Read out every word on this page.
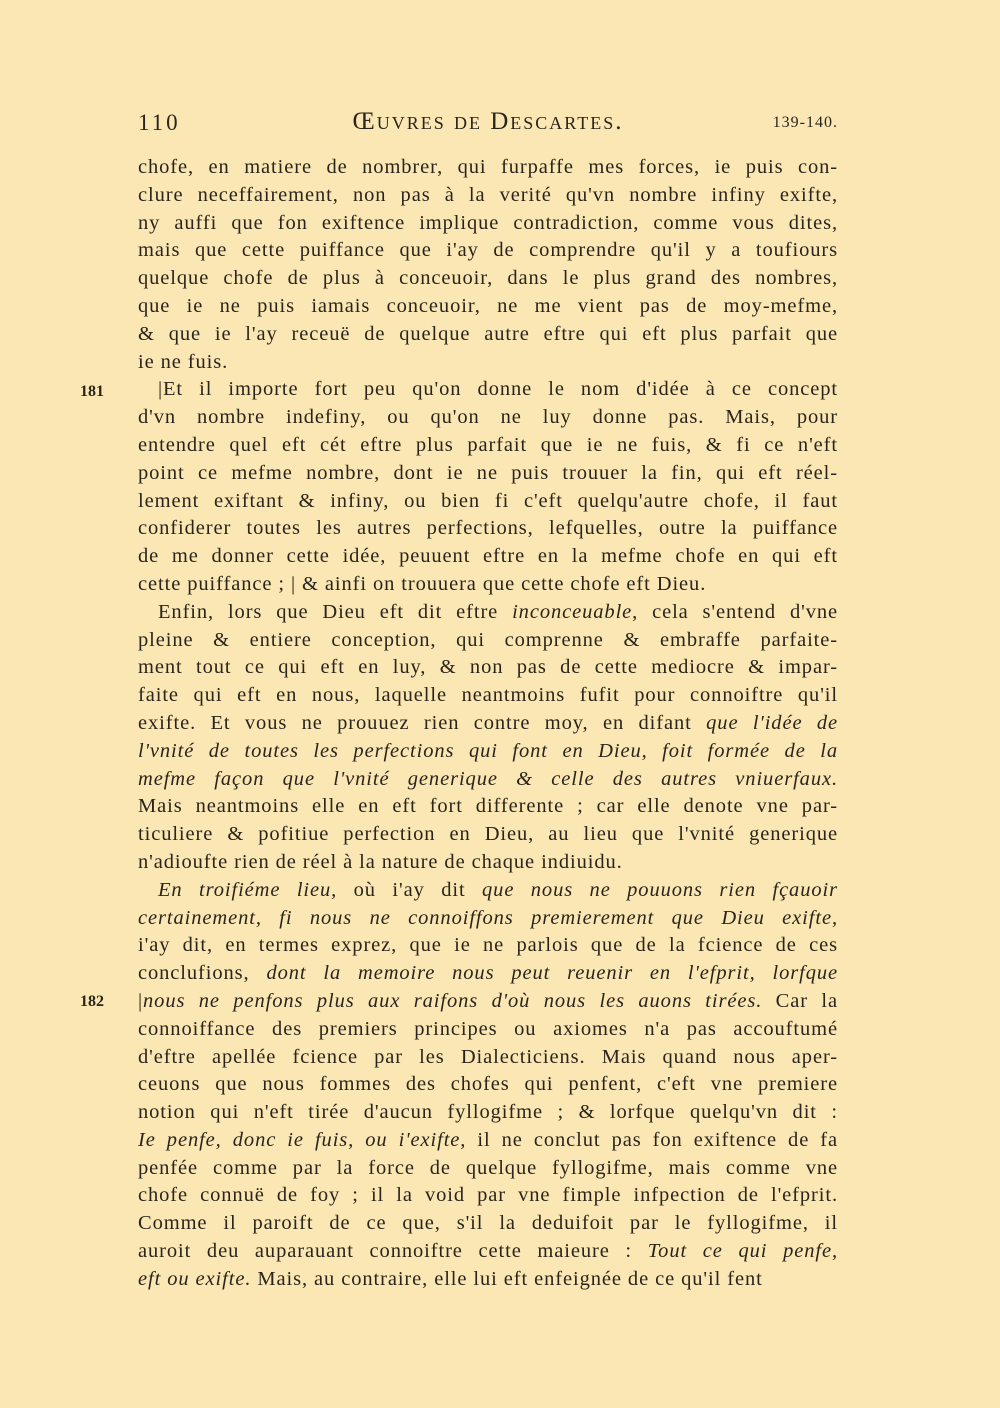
110	Œuvres de Descartes.	139-140.
181
182
chofe, en matiere de nombrer, qui furpaffe mes forces, ie puis con-
clure neceffairement, non pas à la verité qu'vn nombre infiny exifte,
ny auffi que fon exiftence implique contradiction, comme vous dites,
mais que cette puiffance que i'ay de comprendre qu'il y a toufiours
quelque chofe de plus à conceuoir, dans le plus grand des nombres,
que ie ne puis iamais conceuoir, ne me vient pas de moy-mefme,
& que ie l'ay receuë de quelque autre eftre qui eft plus parfait que
ie ne fuis.
|Et il importe fort peu qu'on donne le nom d'idée à ce concept
d'vn nombre indefiny, ou qu'on ne luy donne pas. Mais, pour
entendre quel eft cét eftre plus parfait que ie ne fuis, & fi ce n'eft
point ce mefme nombre, dont ie ne puis trouuer la fin, qui eft réel-
lement exiftant & infiny, ou bien fi c'eft quelqu'autre chofe, il faut
confiderer toutes les autres perfections, lefquelles, outre la puiffance
de me donner cette idée, peuuent eftre en la mefme chofe en qui eft
cette puiffance ; | & ainfi on trouuera que cette chofe eft Dieu.
Enfin, lors que Dieu eft dit eftre inconceuable, cela s'entend d'vne
pleine & entiere conception, qui comprenne & embraffe parfaite-
ment tout ce qui eft en luy, & non pas de cette mediocre & impar-
faite qui eft en nous, laquelle neantmoins fufit pour connoiftre qu'il
exifte. Et vous ne prouuez rien contre moy, en difant que l'idée de
l'vnité de toutes les perfections qui font en Dieu, foit formée de la
mefme façon que l'vnité generique & celle des autres vniuerfaux.
Mais neantmoins elle en eft fort differente ; car elle denote vne par-
ticuliere & pofitiue perfection en Dieu, au lieu que l'vnité generique
n'adioufte rien de réel à la nature de chaque indiuidu.
En troifiéme lieu, où i'ay dit que nous ne pouuons rien fçauoir
certainement, fi nous ne connoiffons premierement que Dieu exifte,
i'ay dit, en termes exprez, que ie ne parlois que de la fcience de ces
conclufions, dont la memoire nous peut reuenir en l'efprit, lorfque
|nous ne penfons plus aux raifons d'où nous les auons tirées. Car la
connoiffance des premiers principes ou axiomes n'a pas accouftumé
d'eftre apellée fcience par les Dialecticiens. Mais quand nous aper-
ceuons que nous fommes des chofes qui penfent, c'eft vne premiere
notion qui n'eft tirée d'aucun fyllogifme ; & lorfque quelqu'vn dit :
Ie penfe, donc ie fuis, ou i'exifte, il ne conclut pas fon exiftence de fa
penfée comme par la force de quelque fyllogifme, mais comme vne
chofe connuë de foy ; il la void par vne fimple infpection de l'efprit.
Comme il paroift de ce que, s'il la deduifoit par le fyllogifme, il
auroit deu auparauant connoiftre cette maieure : Tout ce qui penfe,
eft ou exifte. Mais, au contraire, elle lui eft enfeignée de ce qu'il fent
